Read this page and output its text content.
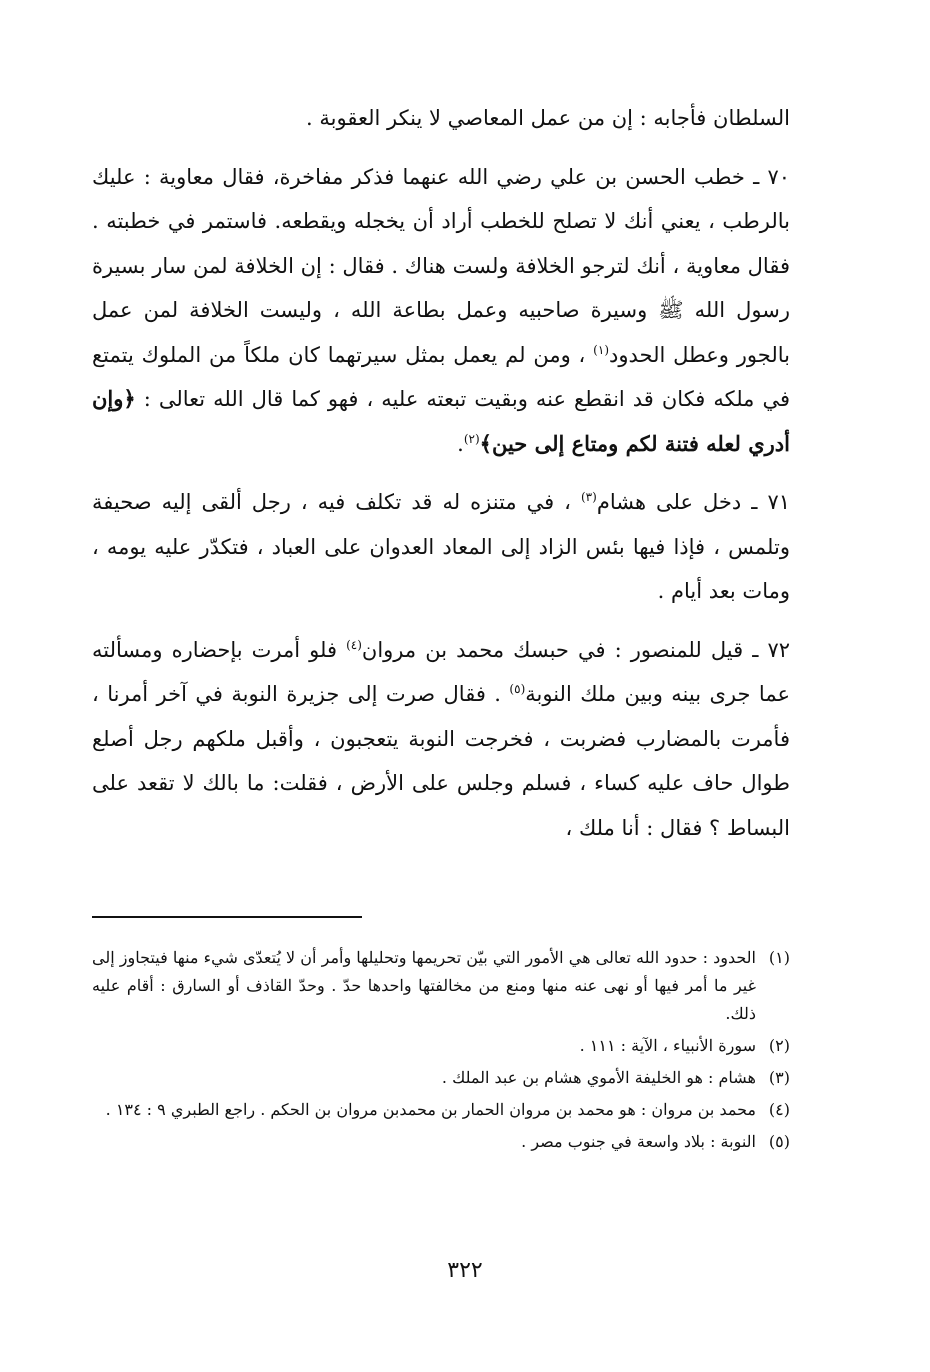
السلطان فأجابه : إن من عمل المعاصي لا ينكر العقوبة .

٧٠ ـ خطب الحسن بن علي رضي الله عنهما فذكر مفاخرة، فقال معاوية : عليك بالرطب ، يعني أنك لا تصلح للخطب أراد أن يخجله ويقطعه. فاستمر في خطبته . فقال معاوية ، أنك لترجو الخلافة ولست هناك . فقال : إن الخلافة لمن سار بسيرة رسول الله ﷺ وسيرة صاحبيه وعمل بطاعة الله ، وليست الخلافة لمن عمل بالجور وعطل الحدود$^{(١)}$ ، ومن لم يعمل بمثل سيرتهما كان ملكاً من الملوك يتمتع في ملكه فكان قد انقطع عنه وبقيت تبعته عليه ، فهو كما قال الله تعالى : ﴿وإن أدري لعله فتنة لكم ومتاع إلى حين﴾$^{(٢)}$.

٧١ ـ دخل على هشام$^{(٣)}$ ، في متنزه له قد تكلف فيه ، رجل ألقى إليه صحيفة وتلمس ، فإذا فيها بئس الزاد إلى المعاد العدوان على العباد ، فتكدّر عليه يومه ، ومات بعد أيام .

٧٢ ـ قيل للمنصور : في حبسك محمد بن مروان$^{(٤)}$ فلو أمرت بإحضاره ومسألته عما جرى بينه وبين ملك النوبة$^{(٥)}$ . فقال صرت إلى جزيرة النوبة في آخر أمرنا ، فأمرت بالمضارب فضربت ، فخرجت النوبة يتعجبون ، وأقبل ملكهم رجل أصلع طوال حاف عليه كساء ، فسلم وجلس على الأرض ، فقلت: ما بالك لا تقعد على البساط ؟ فقال : أنا ملك ،

(١)
الحدود : حدود الله تعالى هي الأمور التي بيّن تحريمها وتحليلها وأمر أن لا يُتعدّى شيء منها فيتجاوز إلى غير ما أمر فيها أو نهى عنه منها ومنع من مخالفتها واحدها حدّ . وحدّ القاذف أو السارق : أقام عليه ذلك.
(٢)
سورة الأنبياء ، الآية : ١١١ .
(٣)
هشام : هو الخليفة الأموي هشام بن عبد الملك .
(٤)
محمد بن مروان : هو محمد بن مروان الحمار بن محمدبن مروان بن الحكم . راجع الطبري ٩ : ١٣٤ .
(٥)
النوبة : بلاد واسعة في جنوب مصر .
٣٢٢
